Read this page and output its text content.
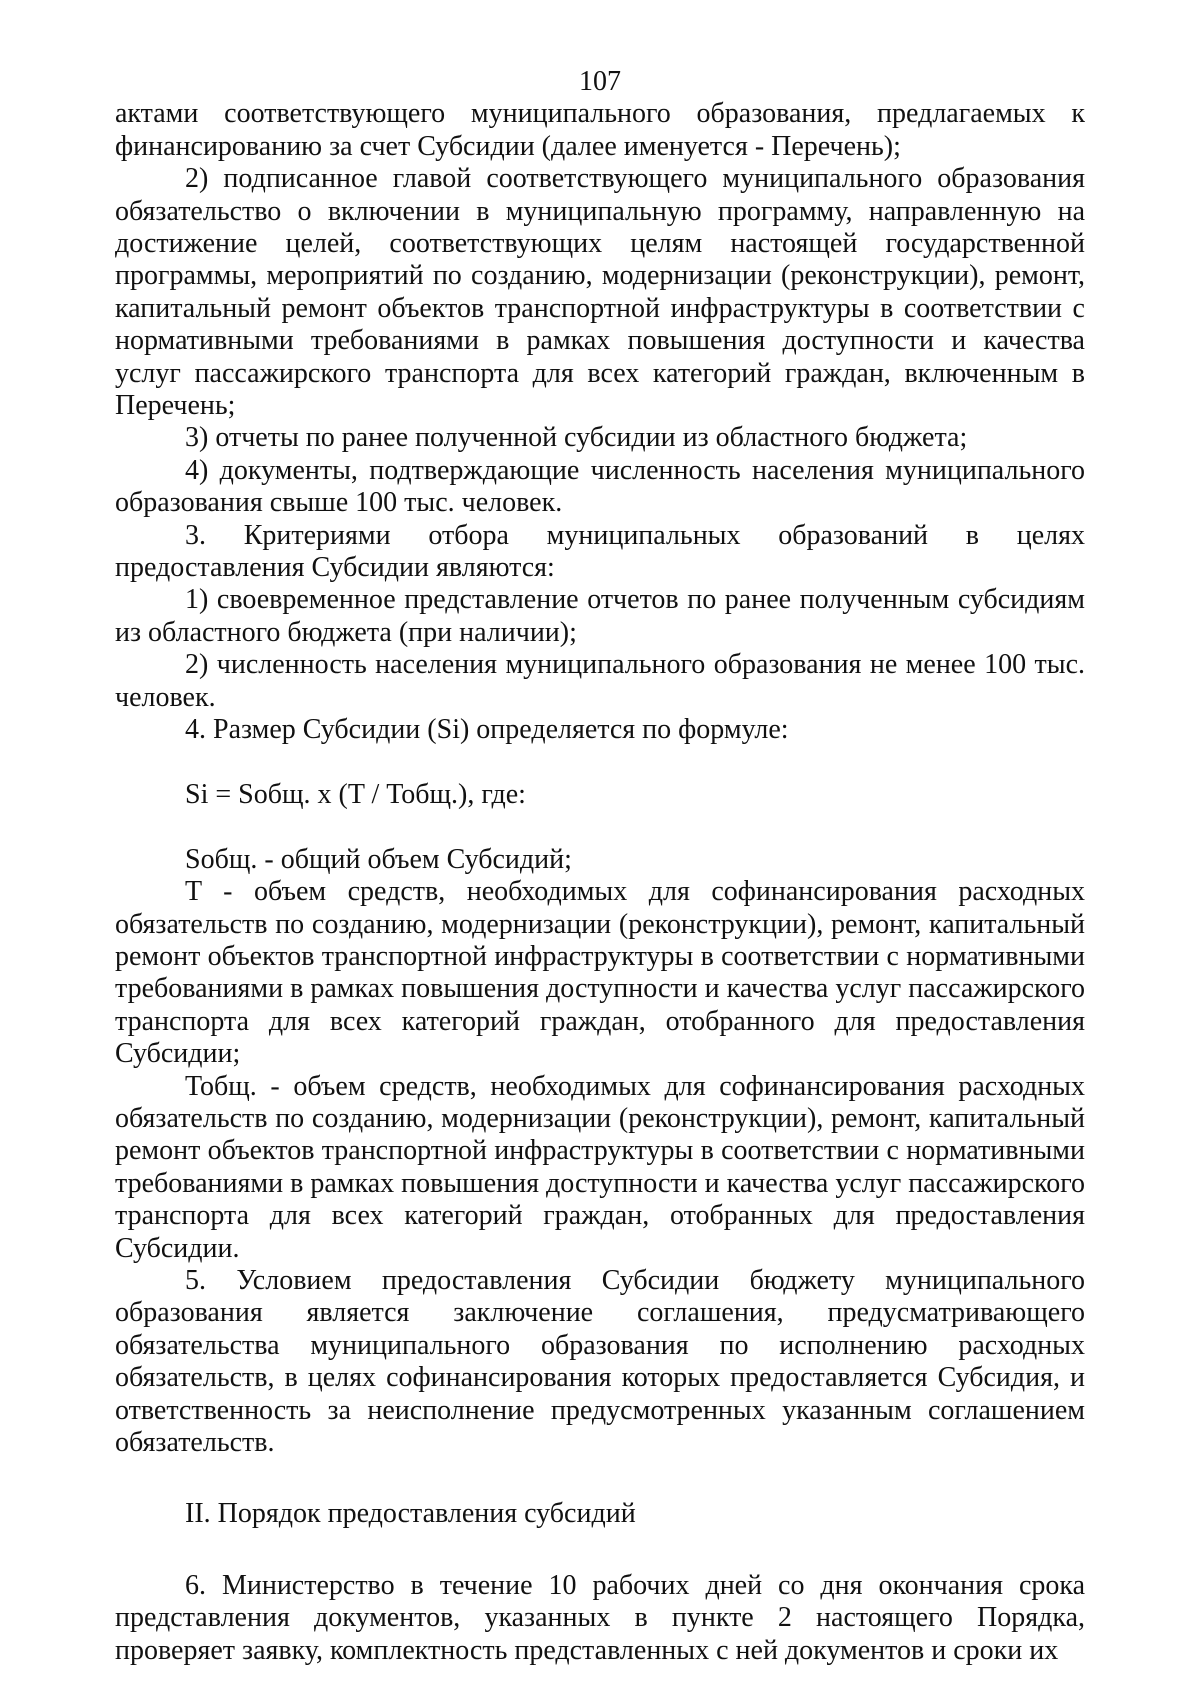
107

актами соответствующего муниципального образования, предлагаемых к финансированию за счет Субсидии (далее именуется - Перечень);

2) подписанное главой соответствующего муниципального образования обязательство о включении в муниципальную программу, направленную на достижение целей, соответствующих целям настоящей государственной программы, мероприятий по созданию, модернизации (реконструкции), ремонт, капитальный ремонт объектов транспортной инфраструктуры в соответствии с нормативными требованиями в рамках повышения доступности и качества услуг пассажирского транспорта для всех категорий граждан, включенным в Перечень;

3) отчеты по ранее полученной субсидии из областного бюджета;

4) документы, подтверждающие численность населения муниципального образования свыше 100 тыс. человек.

3. Критериями отбора муниципальных образований в целях предоставления Субсидии являются:

1) своевременное представление отчетов по ранее полученным субсидиям из областного бюджета (при наличии);

2) численность населения муниципального образования не менее 100 тыс. человек.

4. Размер Субсидии (Si) определяется по формуле:

Si = Sобщ. x (T / Тобщ.), где:

Sобщ. - общий объем Субсидий;

T - объем средств, необходимых для софинансирования расходных обязательств по созданию, модернизации (реконструкции), ремонт, капитальный ремонт объектов транспортной инфраструктуры в соответствии с нормативными требованиями в рамках повышения доступности и качества услуг пассажирского транспорта для всех категорий граждан, отобранного для предоставления Субсидии;

Тобщ. - объем средств, необходимых для софинансирования расходных обязательств по созданию, модернизации (реконструкции), ремонт, капитальный ремонт объектов транспортной инфраструктуры в соответствии с нормативными требованиями в рамках повышения доступности и качества услуг пассажирского транспорта для всех категорий граждан, отобранных для предоставления Субсидии.

5. Условием предоставления Субсидии бюджету муниципального образования является заключение соглашения, предусматривающего обязательства муниципального образования по исполнению расходных обязательств, в целях софинансирования которых предоставляется Субсидия, и ответственность за неисполнение предусмотренных указанным соглашением обязательств.

II. Порядок предоставления субсидий

6. Министерство в течение 10 рабочих дней со дня окончания срока представления документов, указанных в пункте 2 настоящего Порядка, проверяет заявку, комплектность представленных с ней документов и сроки их
